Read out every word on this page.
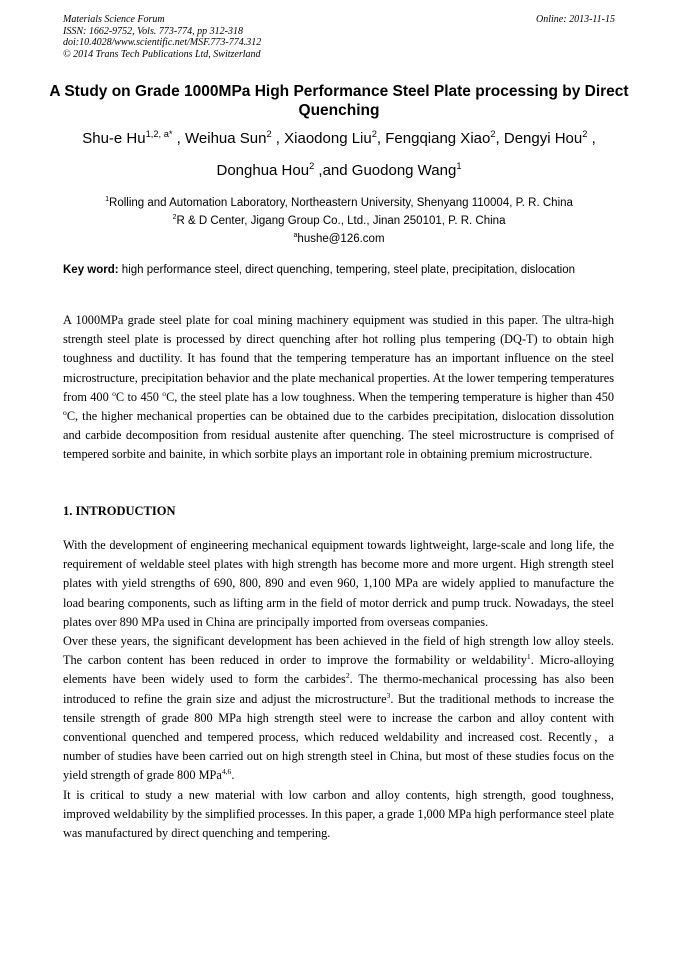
Materials Science Forum
ISSN: 1662-9752, Vols. 773-774, pp 312-318
doi:10.4028/www.scientific.net/MSF.773-774.312
© 2014 Trans Tech Publications Ltd, Switzerland
Online: 2013-11-15
A Study on Grade 1000MPa High Performance Steel Plate processing by Direct Quenching
Shu-e $Hu^{1,2, a*}$ , Weihua Sun$^2$ , Xiaodong Liu$^2$, Fengqiang Xiao$^2$, Dengyi Hou$^2$ ,
Donghua Hou$^2$ ,and Guodong Wang$^1$
$^1$Rolling and Automation Laboratory, Northeastern University, Shenyang 110004, P. R. China
$^2$R & D Center, Jigang Group Co., Ltd., Jinan 250101, P. R. China
$^a$hushe@126.com
Key word: high performance steel, direct quenching, tempering, steel plate, precipitation, dislocation
A 1000MPa grade steel plate for coal mining machinery equipment was studied in this paper. The ultra-high strength steel plate is processed by direct quenching after hot rolling plus tempering (DQ-T) to obtain high toughness and ductility. It has found that the tempering temperature has an important influence on the steel microstructure, precipitation behavior and the plate mechanical properties. At the lower tempering temperatures from 400 $^o$C to 450 $^o$C, the steel plate has a low toughness. When the tempering temperature is higher than 450 $^o$C, the higher mechanical properties can be obtained due to the carbides precipitation, dislocation dissolution and carbide decomposition from residual austenite after quenching. The steel microstructure is comprised of tempered sorbite and bainite, in which sorbite plays an important role in obtaining premium microstructure.
1. INTRODUCTION

With the development of engineering mechanical equipment towards lightweight, large-scale and long life, the requirement of weldable steel plates with high strength has become more and more urgent. High strength steel plates with yield strengths of 690, 800, 890 and even 960, 1,100 MPa are widely applied to manufacture the load bearing components, such as lifting arm in the field of motor derrick and pump truck. Nowadays, the steel plates over 890 MPa used in China are principally imported from overseas companies.

Over these years, the significant development has been achieved in the field of high strength low alloy steels. The carbon content has been reduced in order to improve the formability or weldability$^1$. Micro-alloying elements have been widely used to form the carbides$^2$. The thermo-mechanical processing has also been introduced to refine the grain size and adjust the microstructure$^3$. But the traditional methods to increase the tensile strength of grade 800 MPa high strength steel were to increase the carbon and alloy content with conventional quenched and tempered process, which reduced weldability and increased cost. Recently，a number of studies have been carried out on high strength steel in China, but most of these studies focus on the yield strength of grade 800 MPa$^{4,6}$.

It is critical to study a new material with low carbon and alloy contents, high strength, good toughness, improved weldability by the simplified processes. In this paper, a grade 1,000 MPa high performance steel plate was manufactured by direct quenching and tempering.
